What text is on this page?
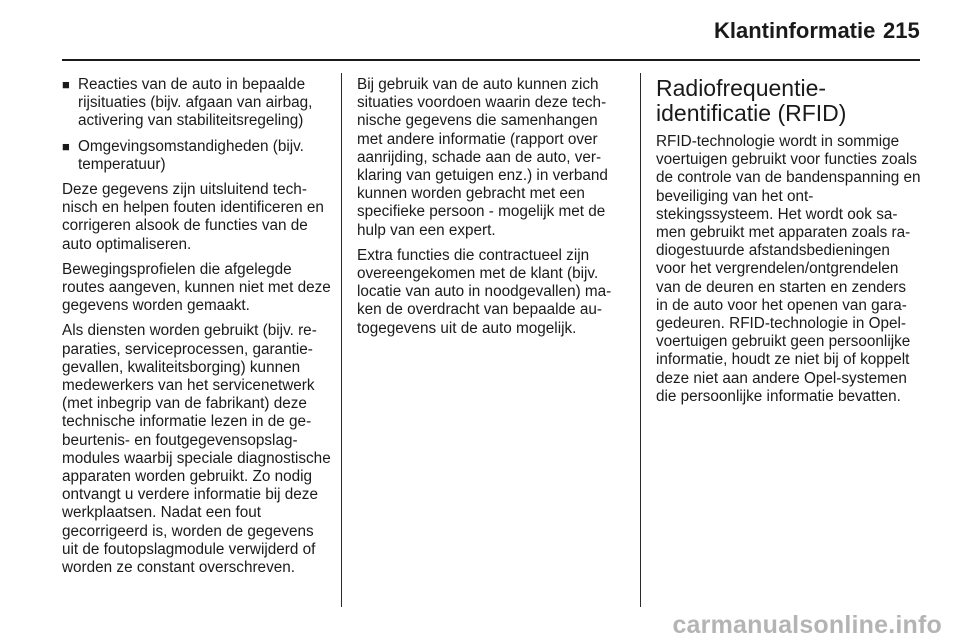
Klantinformatie 215
■ Reacties van de auto in bepaalde rijsituaties (bijv. afgaan van airbag, activering van stabiliteitsregeling)
■ Omgevingsomstandigheden (bijv. temperatuur)

Deze gegevens zijn uitsluitend technisch en helpen fouten identificeren en corrigeren alsook de functies van de auto optimaliseren.

Bewegingsprofielen die afgelegde routes aangeven, kunnen niet met deze gegevens worden gemaakt.

Als diensten worden gebruikt (bijv. reparaties, serviceprocessen, garantiegevallen, kwaliteitsborging) kunnen medewerkers van het servicenetwerk (met inbegrip van de fabrikant) deze technische informatie lezen in de gebeurtenis- en foutgegevensopslagmodules waarbij speciale diagnostische apparaten worden gebruikt. Zo nodig ontvangt u verdere informatie bij deze werkplaatsen. Nadat een fout gecorrigeerd is, worden de gegevens uit de foutopslagmodule verwijderd of worden ze constant overschreven.

Bij gebruik van de auto kunnen zich situaties voordoen waarin deze technische gegevens die samenhangen met andere informatie (rapport over aanrijding, schade aan de auto, verklaring van getuigen enz.) in verband kunnen worden gebracht met een specifieke persoon - mogelijk met de hulp van een expert.

Extra functies die contractueel zijn overeengekomen met de klant (bijv. locatie van auto in noodgevallen) maken de overdracht van bepaalde autogegevens uit de auto mogelijk.

Radiofrequentieidentificatie (RFID)

RFID-technologie wordt in sommige voertuigen gebruikt voor functies zoals de controle van de bandenspanning en beveiliging van het ontstekingssysteem. Het wordt ook samen gebruikt met apparaten zoals radiogestuurde afstandsbedieningen voor het vergrendelen/ontgrendelen van de deuren en starten en zenders in de auto voor het openen van garagedeuren. RFID-technologie in Opel-voertuigen gebruikt geen persoonlijke informatie, houdt ze niet bij of koppelt deze niet aan andere Opel-systemen die persoonlijke informatie bevatten.

carmanualsonline.info
